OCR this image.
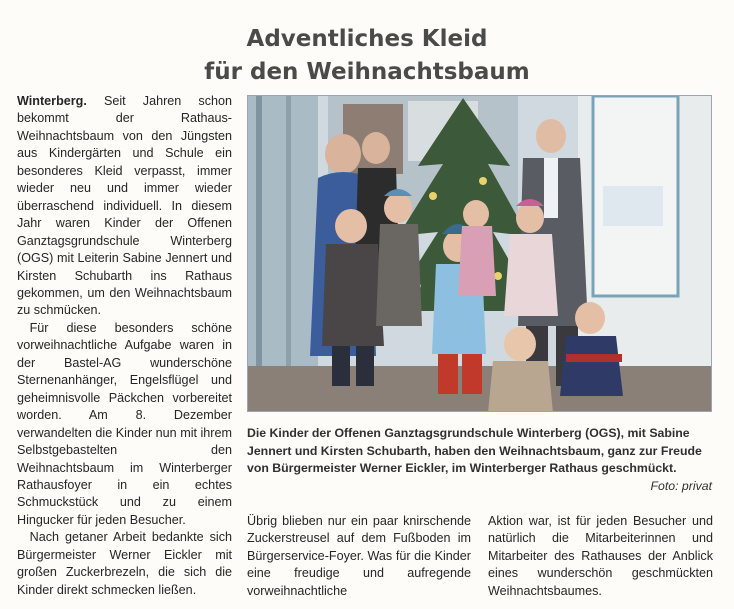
Adventliches Kleid
für den Weihnachtsbaum

Winterberg. Seit Jahren schon bekommt der Rathaus-Weihnachtsbaum von den Jüngsten aus Kindergärten und Schule ein besonderes Kleid verpasst, immer wieder neu und immer wieder überraschend individuell. In diesem Jahr waren Kinder der Offenen Ganztagsgrundschule Winterberg (OGS) mit Leiterin Sabine Jennert und Kirsten Schubarth ins Rathaus gekommen, um den Weihnachtsbaum zu schmücken.

Für diese besonders schöne vorweihnachtliche Aufgabe waren in der Bastel-AG wunderschöne Sternenanhänger, Engelsflügel und geheimnisvolle Päckchen vorbereitet worden. Am 8. Dezember verwandelten die Kinder nun mit ihrem Selbstgebastelten den Weihnachtsbaum im Winterberger Rathausfoyer in ein echtes Schmuckstück und zu einem Hingucker für jeden Besucher.

Nach getaner Arbeit bedankte sich Bürgermeister Werner Eickler mit großen Zuckerbrezeln, die sich die Kinder direkt schmecken ließen.

Die Kinder der Offenen Ganztagsgrundschule Winterberg (OGS), mit Sabine Jennert und Kirsten Schubarth, haben den Weihnachtsbaum, ganz zur Freude von Bürgermeister Werner Eickler, im Winterberger Rathaus geschmückt.
Foto: privat

Übrig blieben nur ein paar knirschende Zuckerstreusel auf dem Fußboden im Bürgerservice-Foyer. Was für die Kinder eine freudige und aufregende vorweihnachtliche

Aktion war, ist für jeden Besucher und natürlich die Mitarbeiterinnen und Mitarbeiter des Rathauses der Anblick eines wunderschön geschmückten Weihnachtsbaumes.
